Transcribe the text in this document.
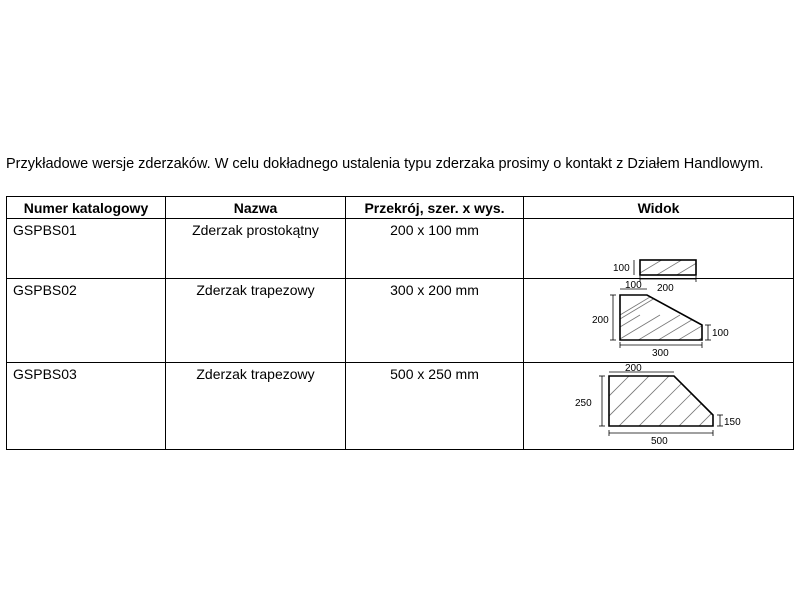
Przykładowe wersje zderzaków. W celu dokładnego ustalenia typu zderzaka prosimy o kontakt z Działem Handlowym.
Numer katalogowy	Nazwa	Przekrój, szer. x wys.	Widok
GSPBS01	Zderzak prostokątny	200 x 100 mm	100
200

GSPBS02	Zderzak trapezowy	300 x 200 mm	100
200
100
300

GSPBS03	Zderzak trapezowy	500 x 250 mm	200
250
150
500
